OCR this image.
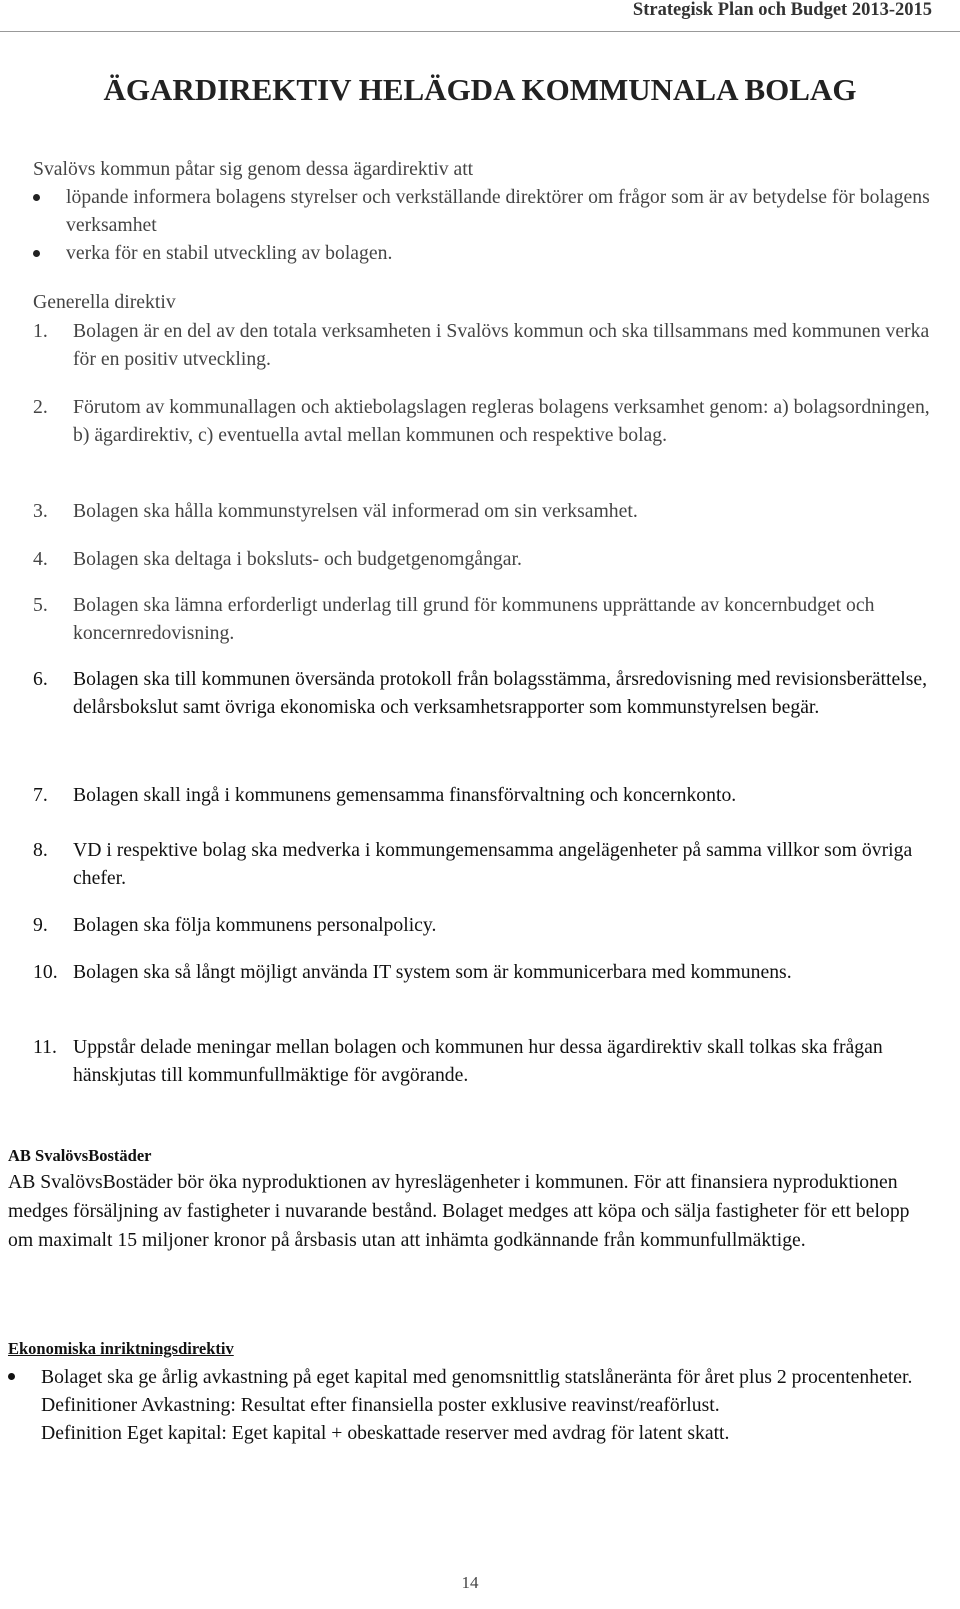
Strategisk Plan och Budget 2013-2015
ÄGARDIREKTIV HELÄGDA KOMMUNALA BOLAG

Svalövs kommun påtar sig genom dessa ägardirektiv att

löpande informera bolagens styrelser och verkställande direktörer om frågor som är av betydelse för bolagens verksamhet
verka för en stabil utveckling av bolagen.
Generella direktiv
1.	Bolagen är en del av den totala verksamheten i Svalövs kommun och ska tillsammans med kommunen verka för en positiv utveckling.
2.	Förutom av kommunallagen och aktiebolagslagen regleras bolagens verksamhet genom: a) bolagsordningen, b) ägardirektiv, c) eventuella avtal mellan kommunen och respektive bolag.
3.	Bolagen ska hålla kommunstyrelsen väl informerad om sin verksamhet.
4.	Bolagen ska deltaga i boksluts- och budgetgenomgångar.
5.	Bolagen ska lämna erforderligt underlag till grund för kommunens upprättande av koncernbudget och koncernredovisning.
6.	Bolagen ska till kommunen översända protokoll från bolagsstämma, årsredovisning med revisionsberättelse, delårsbokslut samt övriga ekonomiska och verksamhetsrapporter som kommunstyrelsen begär.
7.	Bolagen skall ingå i kommunens gemensamma finansförvaltning och koncernkonto.
8.	VD i respektive bolag ska medverka i kommungemensamma angelägenheter på samma villkor som övriga chefer.
9.	Bolagen ska följa kommunens personalpolicy.
10. Bolagen ska så långt möjligt använda IT system som är kommunicerbara med kommunens.
11. Uppstår delade meningar mellan bolagen och kommunen hur dessa ägardirektiv skall tolkas ska frågan hänskjutas till kommunfullmäktige för avgörande.
AB SvalövsBostäder

AB SvalövsBostäder bör öka nyproduktionen av hyreslägenheter i kommunen. För att finansiera nyproduktionen medges försäljning av fastigheter i nuvarande bestånd. Bolaget medges att köpa och sälja fastigheter för ett belopp om maximalt 15 miljoner kronor på årsbasis utan att inhämta godkännande från kommunfullmäktige.

Ekonomiska inriktningsdirektiv
Bolaget ska ge årlig avkastning på eget kapital med genomsnittlig statslåneränta för året plus 2 procentenheter.
Definitioner Avkastning: Resultat efter finansiella poster exklusive reavinst/reaförlust.
Definition Eget kapital: Eget kapital + obeskattade reserver med avdrag för latent skatt.
14
